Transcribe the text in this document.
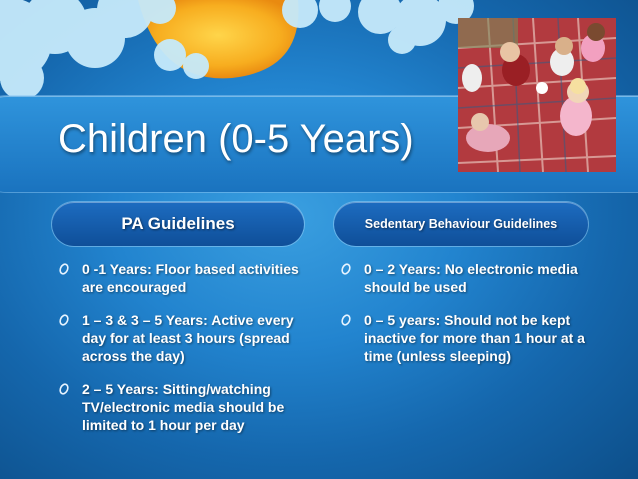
Children (0-5 Years)
PA Guidelines	Sedentary Behaviour Guidelines
0 -1 Years: Floor based activities are encouraged
1 – 3 & 3 – 5 Years: Active every day for at least 3 hours (spread across the day)
2 – 5 Years: Sitting/watching TV/electronic media should be limited to 1 hour per day
0 – 2 Years: No electronic media should be used
0 – 5 years: Should not be kept inactive for more than 1 hour at a time (unless sleeping)
